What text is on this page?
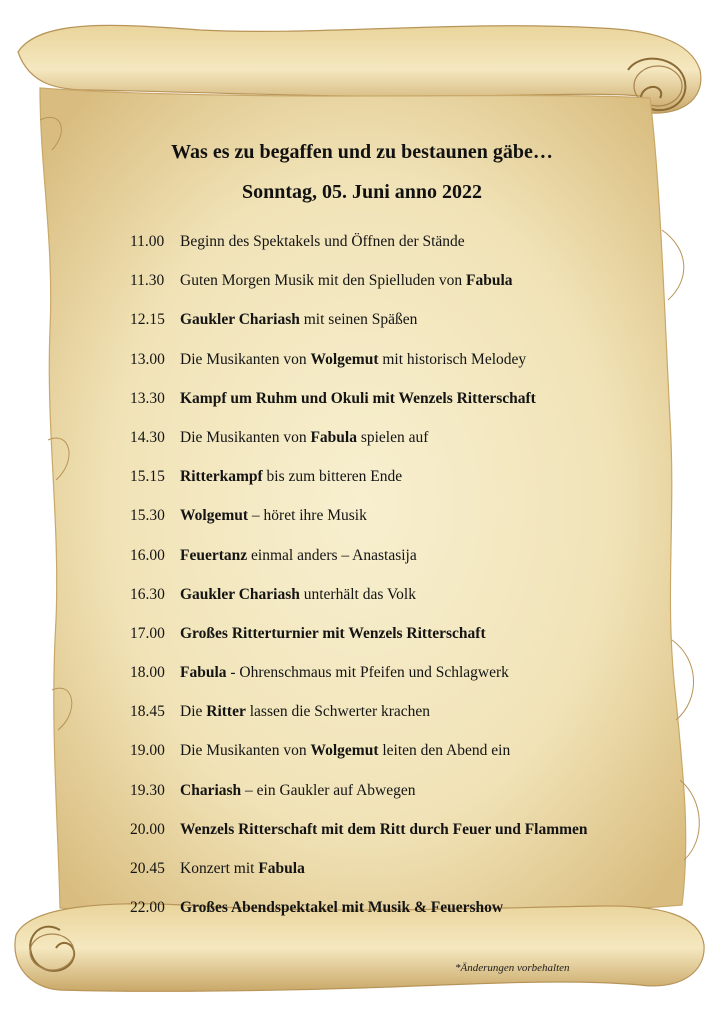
Was es zu begaffen und zu bestaunen gäbe…
Sonntag, 05. Juni anno 2022
11.00 Beginn des Spektakels und Öffnen der Stände
11.30 Guten Morgen Musik mit den Spielluden von Fabula
12.15 Gaukler Chariash mit seinen Späßen
13.00 Die Musikanten von Wolgemut mit historisch Melodey
13.30 Kampf um Ruhm und Okuli mit Wenzels Ritterschaft
14.30 Die Musikanten von Fabula spielen auf
15.15 Ritterkampf bis zum bitteren Ende
15.30 Wolgemut – höret ihre Musik
16.00 Feuertanz einmal anders – Anastasija
16.30 Gaukler Chariash unterhält das Volk
17.00 Großes Ritterturnier mit Wenzels Ritterschaft
18.00 Fabula - Ohrenschmaus mit Pfeifen und Schlagwerk
18.45 Die Ritter lassen die Schwerter krachen
19.00 Die Musikanten von Wolgemut leiten den Abend ein
19.30 Chariash – ein Gaukler auf Abwegen
20.00 Wenzels Ritterschaft mit dem Ritt durch Feuer und Flammen
20.45 Konzert mit Fabula
22.00 Großes Abendspektakel mit Musik & Feuershow
*Änderungen vorbehalten
